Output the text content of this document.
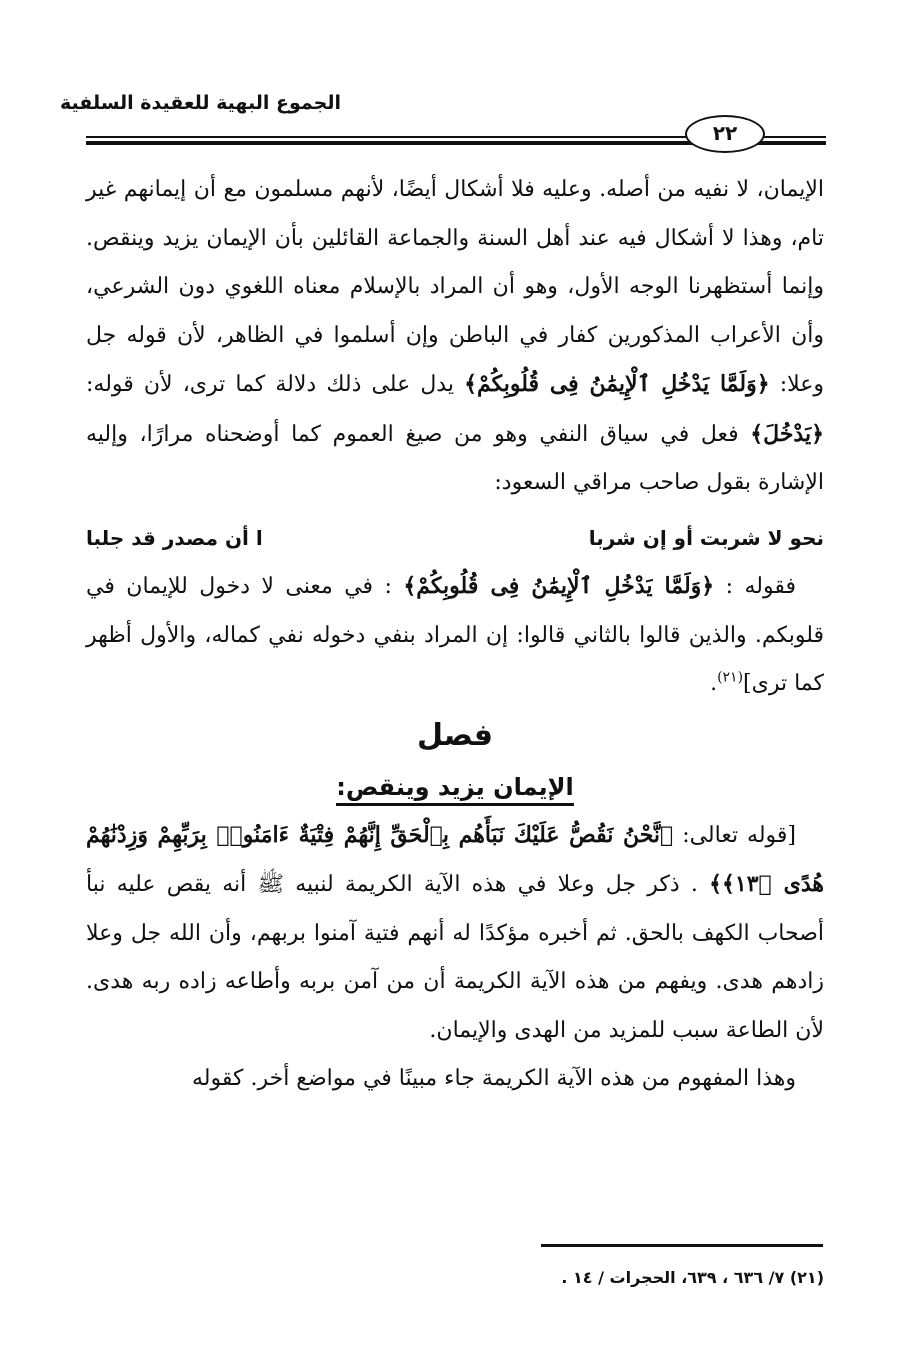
الجموع البهية للعقيدة السلفية
٢٢

الإيمان، لا نفيه من أصله. وعليه فلا أشكال أيضًا، لأنهم مسلمون مع أن إيمانهم غير تام، وهذا لا أشكال فيه عند أهل السنة والجماعة القائلين بأن الإيمان يزيد وينقص. وإنما أستظهرنا الوجه الأول، وهو أن المراد بالإسلام معناه اللغوي دون الشرعي، وأن الأعراب المذكورين كفار في الباطن وإن أسلموا في الظاهر، لأن قوله جل وعلا: ﴿وَلَمَّا يَدْخُلِ ٱلْإِيمَٰنُ فِى قُلُوبِكُمْ﴾ يدل على ذلك دلالة كما ترى، لأن قوله: ﴿يَدْخُلَ﴾ فعل في سياق النفي وهو من صيغ العموم كما أوضحناه مرارًا، وإليه الإشارة بقول صاحب مراقي السعود:

نحو لا شربت أو إن شربا
ا أن مصدر قد جلبا

فقوله : ﴿وَلَمَّا يَدْخُلِ ٱلْإِيمَٰنُ فِى قُلُوبِكُمْ﴾ : في معنى لا دخول للإيمان في قلوبكم. والذين قالوا بالثاني قالوا: إن المراد بنفي دخوله نفي كماله، والأول أظهر كما ترى]$^{(٢١)}$.

فصل

الإيمان يزيد وينقص:

[قوله تعالى: ﴿نَّحْنُ نَقُصُّ عَلَيْكَ نَبَأَهُم بِٱلْحَقِّ إِنَّهُمْ فِتْيَةٌ ءَامَنُوا۟ بِرَبِّهِمْ وَزِدْنَٰهُمْ هُدًى ﴿١٣﴾﴾ . ذكر جل وعلا في هذه الآية الكريمة لنبيه ﷺ أنه يقص عليه نبأ أصحاب الكهف بالحق. ثم أخبره مؤكدًا له أنهم فتية آمنوا بربهم، وأن الله جل وعلا زادهم هدى. ويفهم من هذه الآية الكريمة أن من آمن بربه وأطاعه زاده ربه هدى. لأن الطاعة سبب للمزيد من الهدى والإيمان.

وهذا المفهوم من هذه الآية الكريمة جاء مبينًا في مواضع أخر. كقوله

(٢١) ٧/ ٦٣٦ ، ٦٣٩، الحجرات / ١٤ .
